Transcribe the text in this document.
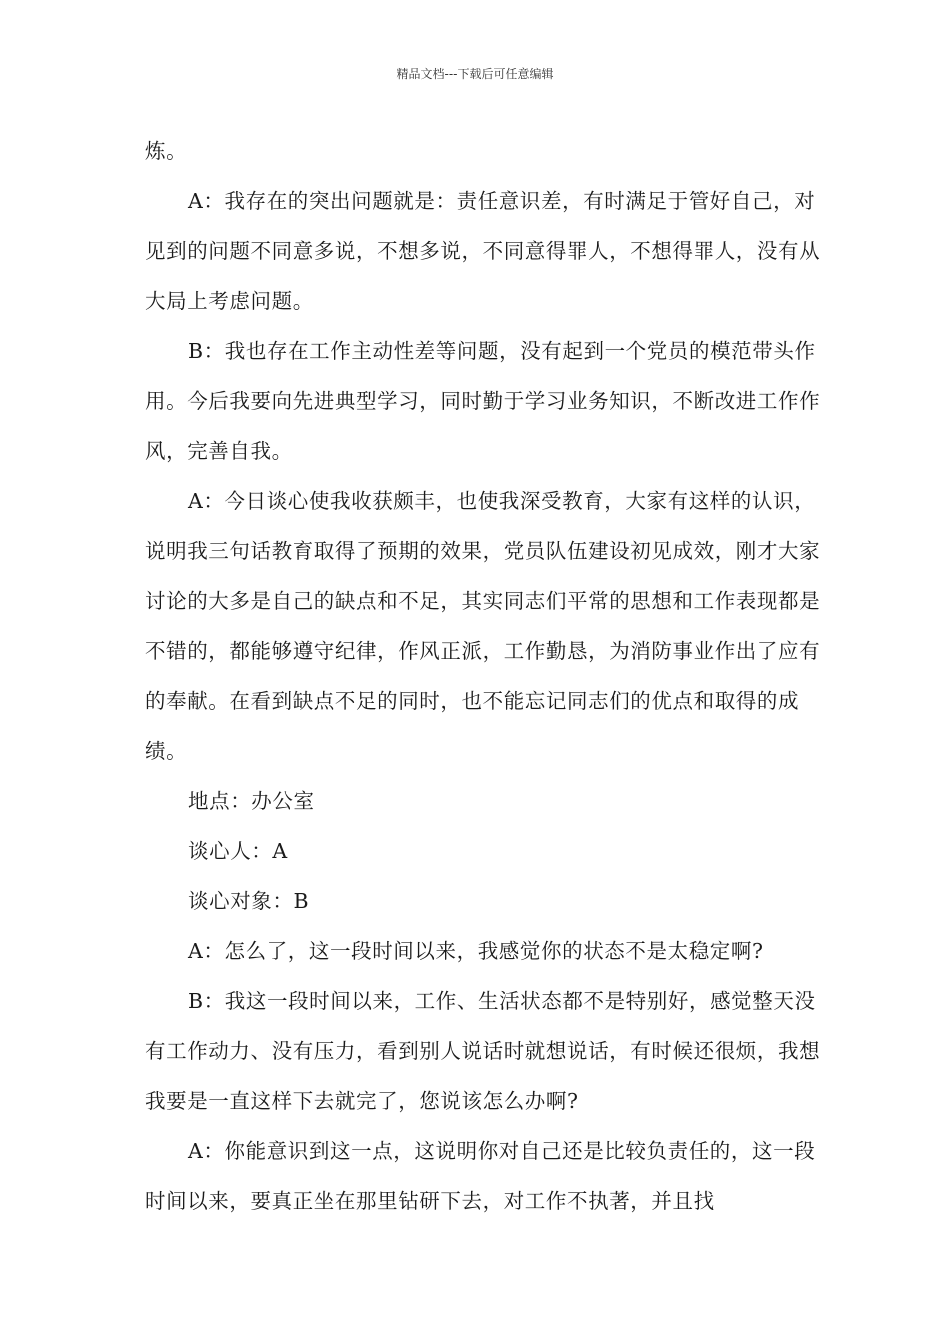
精品文档---下载后可任意编辑

炼。

A：我存在的突出问题就是：责任意识差，有时满足于管好自己，对见到的问题不同意多说，不想多说，不同意得罪人，不想得罪人，没有从大局上考虑问题。

B：我也存在工作主动性差等问题，没有起到一个党员的模范带头作用。今后我要向先进典型学习，同时勤于学习业务知识，不断改进工作作风，完善自我。

A：今日谈心使我收获颇丰，也使我深受教育，大家有这样的认识，说明我三句话教育取得了预期的效果，党员队伍建设初见成效，刚才大家讨论的大多是自己的缺点和不足，其实同志们平常的思想和工作表现都是不错的，都能够遵守纪律，作风正派，工作勤恳，为消防事业作出了应有的奉献。在看到缺点不足的同时，也不能忘记同志们的优点和取得的成绩。

地点：办公室

谈心人：A

谈心对象：B

A：怎么了，这一段时间以来，我感觉你的状态不是太稳定啊?

B：我这一段时间以来，工作、生活状态都不是特别好，感觉整天没有工作动力、没有压力，看到别人说话时就想说话，有时候还很烦，我想我要是一直这样下去就完了，您说该怎么办啊?

A：你能意识到这一点，这说明你对自己还是比较负责任的，这一段时间以来，要真正坐在那里钻研下去，对工作不执著，并且找
